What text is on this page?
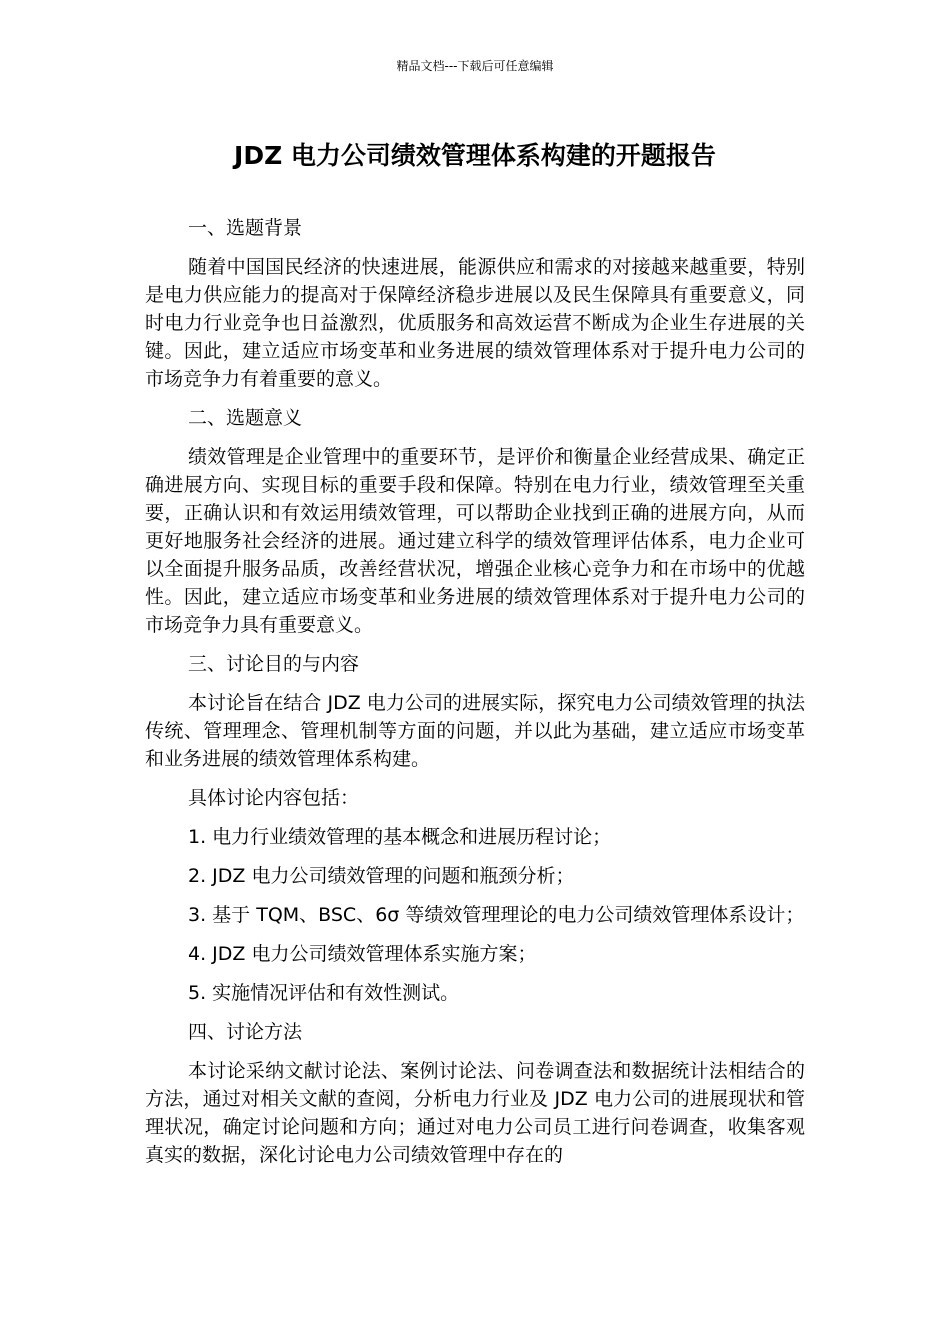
精品文档---下载后可任意编辑
JDZ 电力公司绩效管理体系构建的开题报告

一、选题背景

随着中国国民经济的快速进展，能源供应和需求的对接越来越重要，特别是电力供应能力的提高对于保障经济稳步进展以及民生保障具有重要意义，同时电力行业竞争也日益激烈，优质服务和高效运营不断成为企业生存进展的关键。因此，建立适应市场变革和业务进展的绩效管理体系对于提升电力公司的市场竞争力有着重要的意义。

二、选题意义

绩效管理是企业管理中的重要环节，是评价和衡量企业经营成果、确定正确进展方向、实现目标的重要手段和保障。特别在电力行业，绩效管理至关重要，正确认识和有效运用绩效管理，可以帮助企业找到正确的进展方向，从而更好地服务社会经济的进展。通过建立科学的绩效管理评估体系，电力企业可以全面提升服务品质，改善经营状况，增强企业核心竞争力和在市场中的优越性。因此，建立适应市场变革和业务进展的绩效管理体系对于提升电力公司的市场竞争力具有重要意义。

三、讨论目的与内容

本讨论旨在结合 JDZ 电力公司的进展实际，探究电力公司绩效管理的执法传统、管理理念、管理机制等方面的问题，并以此为基础，建立适应市场变革和业务进展的绩效管理体系构建。

具体讨论内容包括：

1. 电力行业绩效管理的基本概念和进展历程讨论；

2. JDZ 电力公司绩效管理的问题和瓶颈分析；

3. 基于 TQM、BSC、6σ 等绩效管理理论的电力公司绩效管理体系设计；

4. JDZ 电力公司绩效管理体系实施方案；

5. 实施情况评估和有效性测试。

四、讨论方法

本讨论采纳文献讨论法、案例讨论法、问卷调查法和数据统计法相结合的方法，通过对相关文献的查阅，分析电力行业及 JDZ 电力公司的进展现状和管理状况，确定讨论问题和方向；通过对电力公司员工进行问卷调查，收集客观真实的数据，深化讨论电力公司绩效管理中存在的
